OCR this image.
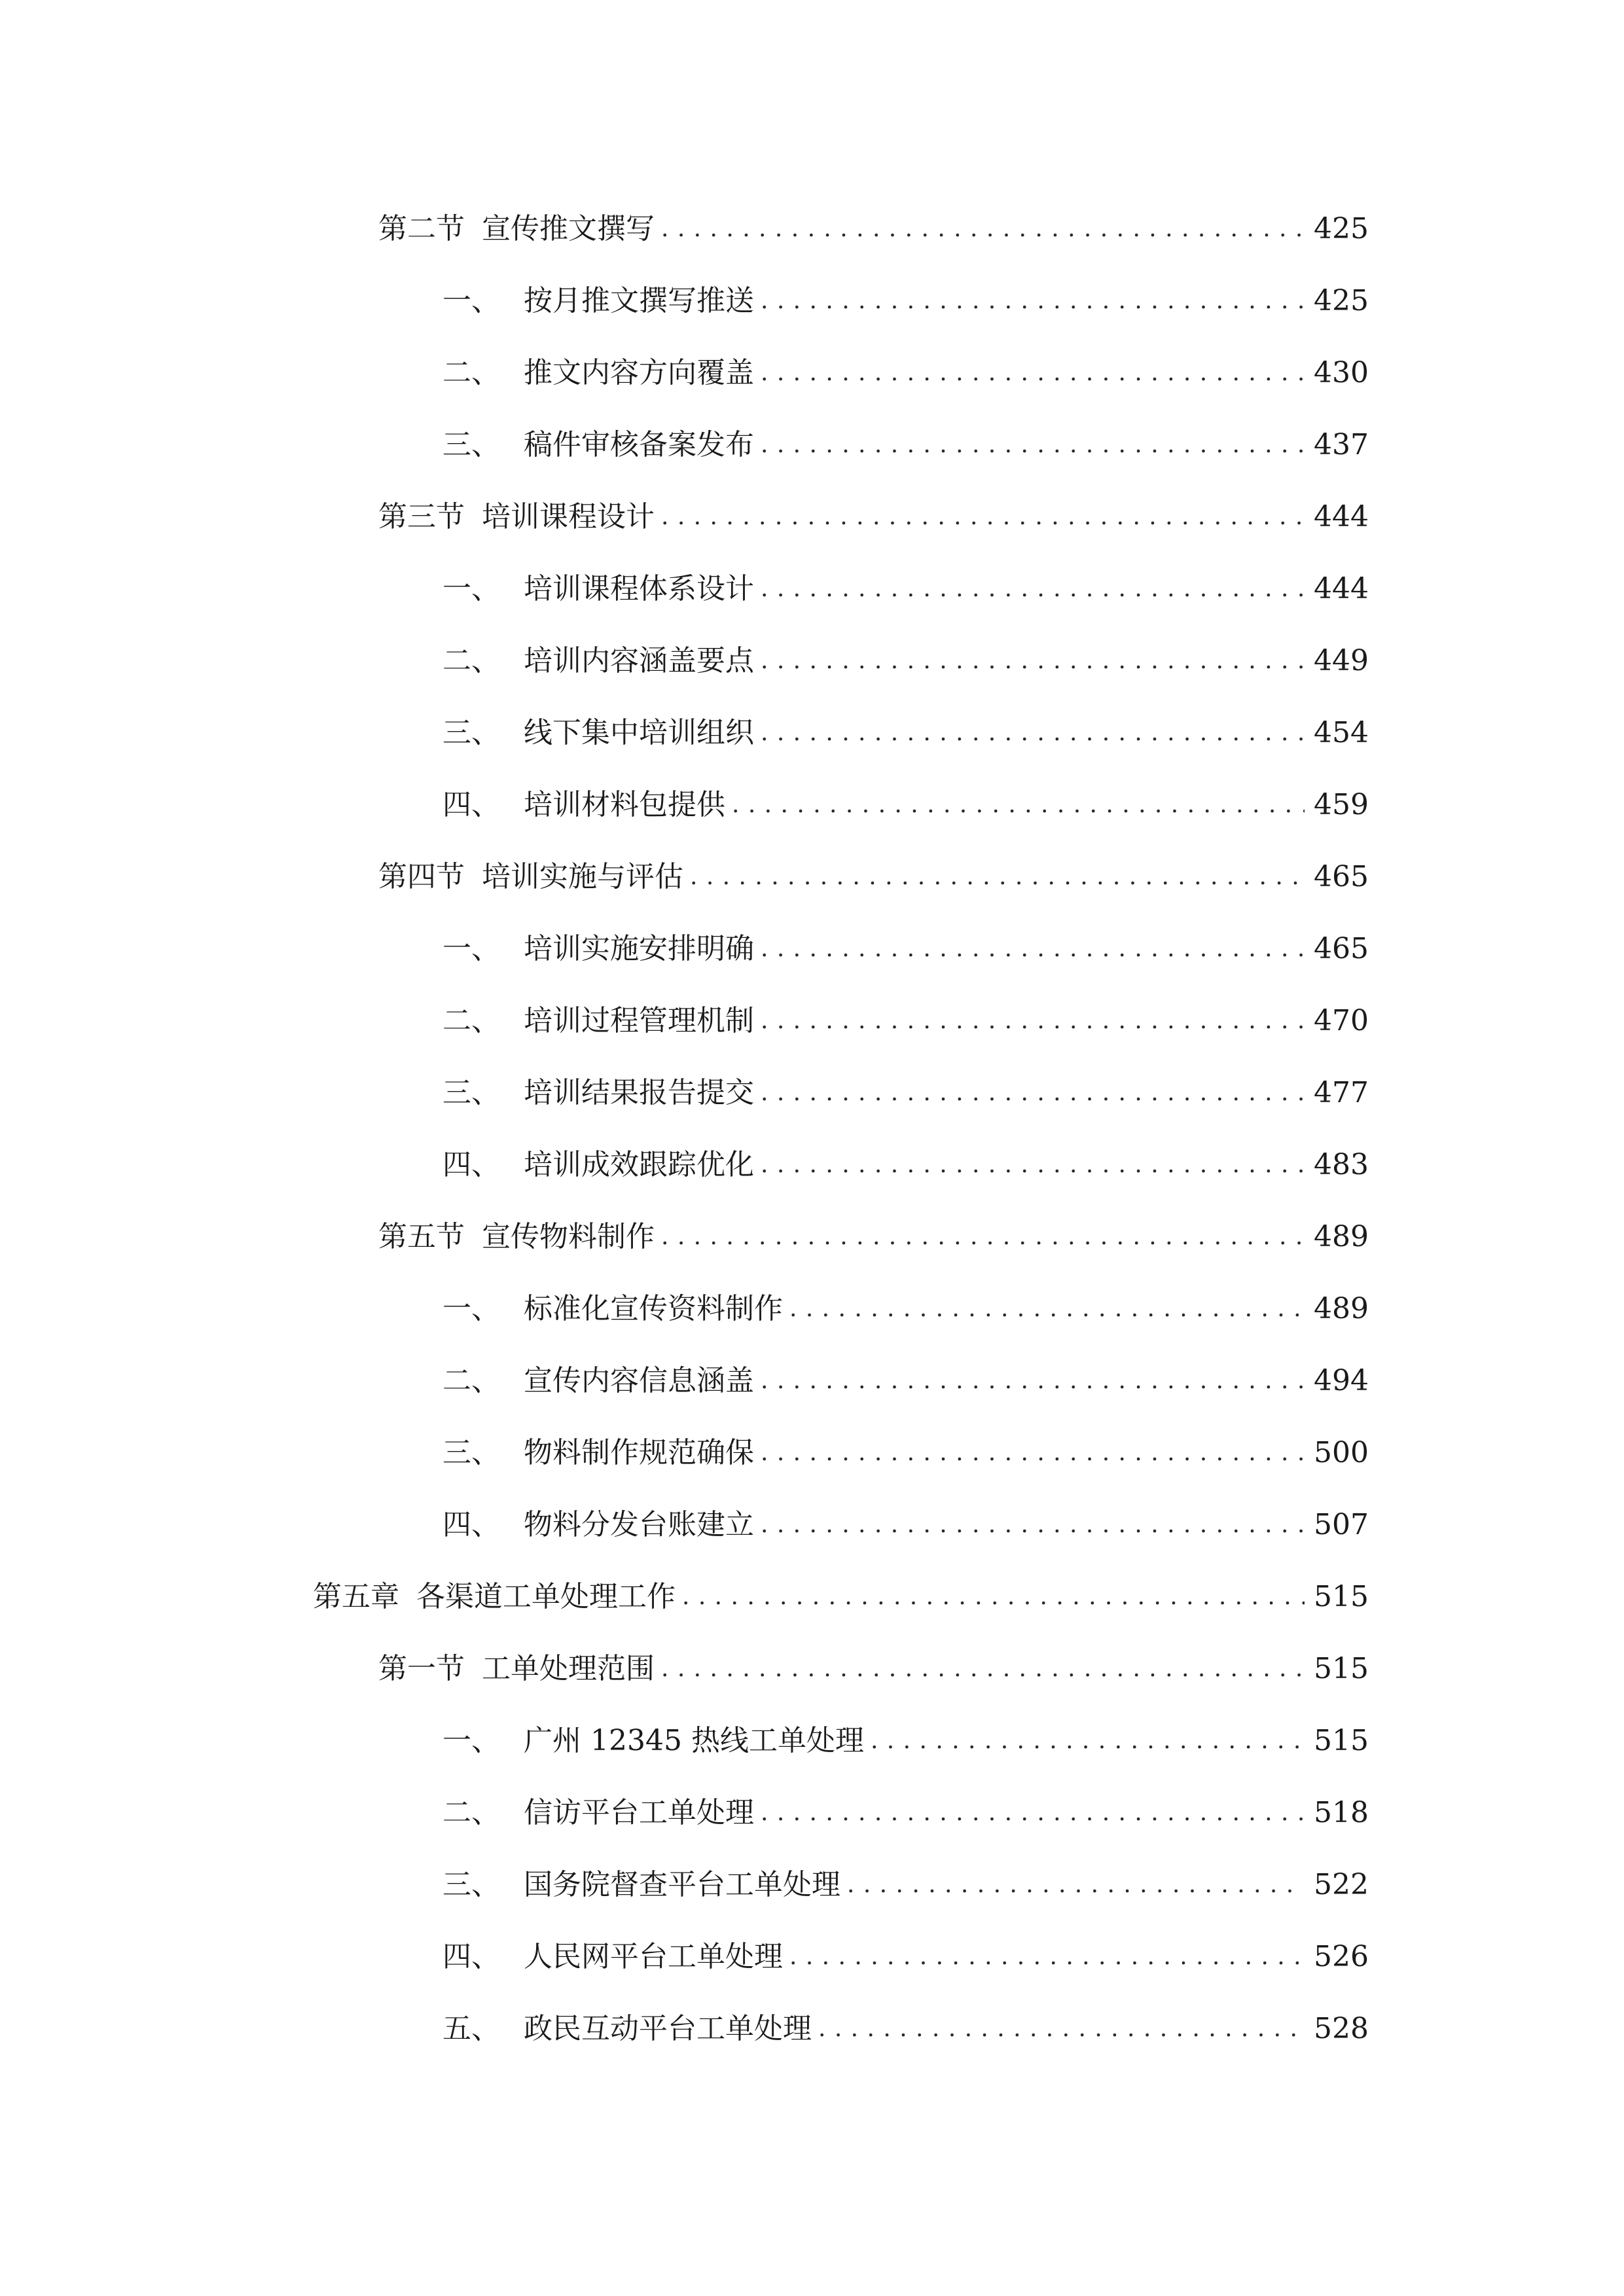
第二节 宣传推文撰写 .....	425
一、 按月推文撰写推送 .....	425
二、 推文内容方向覆盖 .....	430
三、 稿件审核备案发布 .....	437
第三节 培训课程设计 .....	444
一、 培训课程体系设计 .....	444
二、 培训内容涵盖要点 .....	449
三、 线下集中培训组织 .....	454
四、 培训材料包提供 .....	459
第四节 培训实施与评估 .....	465
一、 培训实施安排明确 .....	465
二、 培训过程管理机制 .....	470
三、 培训结果报告提交 .....	477
四、 培训成效跟踪优化 .....	483
第五节 宣传物料制作 .....	489
一、 标准化宣传资料制作 .....	489
二、 宣传内容信息涵盖 .....	494
三、 物料制作规范确保 .....	500
四、 物料分发台账建立 .....	507
第五章 各渠道工单处理工作 .....	515
第一节 工单处理范围 .....	515
一、 广州 12345 热线工单处理 .....	515
二、 信访平台工单处理 .....	518
三、 国务院督查平台工单处理 .....	522
四、 人民网平台工单处理 .....	526
五、 政民互动平台工单处理 .....	528
